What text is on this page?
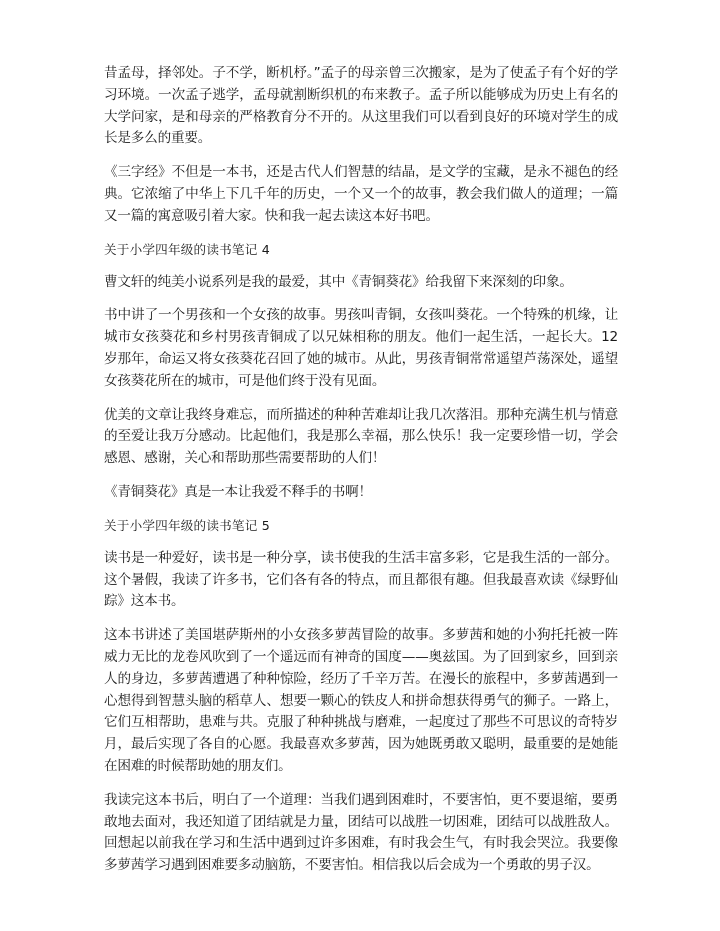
昔孟母，择邻处。子不学，断机杼。”孟子的母亲曾三次搬家，是为了使孟子有个好的学习环境。一次孟子逃学，孟母就割断织机的布来教子。孟子所以能够成为历史上有名的大学问家，是和母亲的严格教育分不开的。从这里我们可以看到良好的环境对学生的成长是多么的重要。

《三字经》不但是一本书，还是古代人们智慧的结晶，是文学的宝藏，是永不褪色的经典。它浓缩了中华上下几千年的历史，一个又一个的故事，教会我们做人的道理；一篇又一篇的寓意吸引着大家。快和我一起去读这本好书吧。

关于小学四年级的读书笔记 4

曹文轩的纯美小说系列是我的最爱，其中《青铜葵花》给我留下来深刻的印象。

书中讲了一个男孩和一个女孩的故事。男孩叫青铜，女孩叫葵花。一个特殊的机缘，让城市女孩葵花和乡村男孩青铜成了以兄妹相称的朋友。他们一起生活，一起长大。12 岁那年，命运又将女孩葵花召回了她的城市。从此，男孩青铜常常遥望芦荡深处，遥望女孩葵花所在的城市，可是他们终于没有见面。

优美的文章让我终身难忘，而所描述的种种苦难却让我几次落泪。那种充满生机与情意的至爱让我万分感动。比起他们，我是那么幸福，那么快乐！我一定要珍惜一切，学会感恩、感谢，关心和帮助那些需要帮助的人们！

《青铜葵花》真是一本让我爱不释手的书啊！

关于小学四年级的读书笔记 5

读书是一种爱好，读书是一种分享，读书使我的生活丰富多彩，它是我生活的一部分。这个暑假，我读了许多书，它们各有各的特点，而且都很有趣。但我最喜欢读《绿野仙踪》这本书。

这本书讲述了美国堪萨斯州的小女孩多萝茜冒险的故事。多萝茜和她的小狗托托被一阵威力无比的龙卷风吹到了一个遥远而有神奇的国度——奥兹国。为了回到家乡，回到亲人的身边，多萝茜遭遇了种种惊险，经历了千辛万苦。在漫长的旅程中，多萝茜遇到一心想得到智慧头脑的稻草人、想要一颗心的铁皮人和拼命想获得勇气的狮子。一路上，它们互相帮助，患难与共。克服了种种挑战与磨难，一起度过了那些不可思议的奇特岁月，最后实现了各自的心愿。我最喜欢多萝茜，因为她既勇敢又聪明，最重要的是她能在困难的时候帮助她的朋友们。

我读完这本书后，明白了一个道理：当我们遇到困难时，不要害怕，更不要退缩，要勇敢地去面对，我还知道了团结就是力量，团结可以战胜一切困难，团结可以战胜敌人。回想起以前我在学习和生活中遇到过许多困难，有时我会生气，有时我会哭泣。我要像多萝茜学习遇到困难要多动脑筋，不要害怕。相信我以后会成为一个勇敢的男子汉。
